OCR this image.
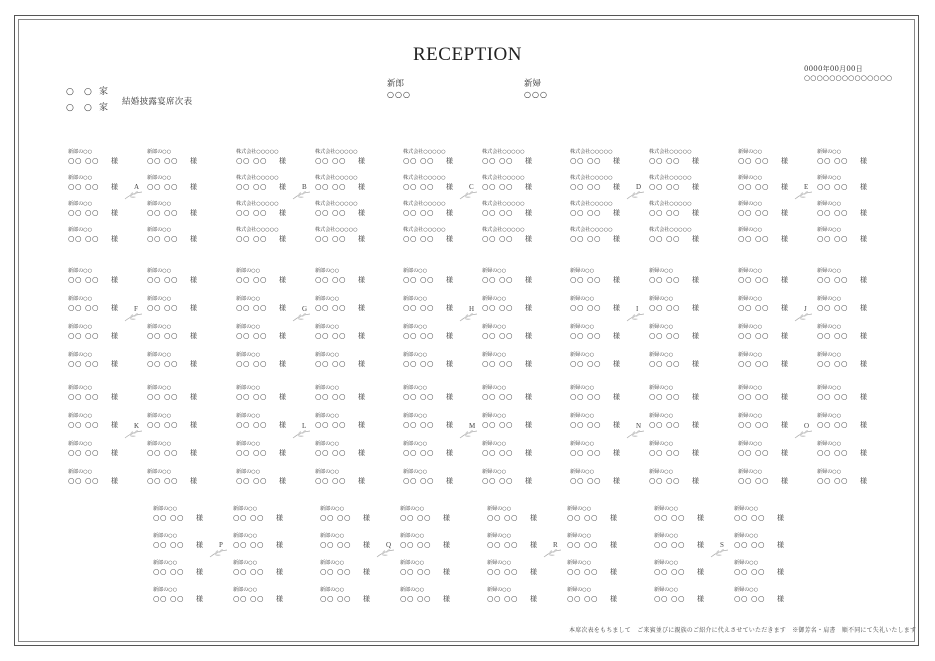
RECEPTION
○ ○ 家
○ ○ 家
結婚披露宴席次表
新郎
○○○
新婦
○○○
0000年00月00日
○○○○○○○○○○○○○○
新郎の○○
○○ ○○ 様
新郎の○○
○○ ○○ 様
新郎の○○
○○ ○○ 様
新郎の○○
○○ ○○ 様
新郎の○○
○○ ○○ 様
新郎の○○
○○ ○○ 様
新郎の○○
○○ ○○ 様
新郎の○○
○○ ○○ 様
A
株式会社○○○○○
○○ ○○ 様
株式会社○○○○○
○○ ○○ 様
株式会社○○○○○
○○ ○○ 様
株式会社○○○○○
○○ ○○ 様
株式会社○○○○○
○○ ○○ 様
株式会社○○○○○
○○ ○○ 様
株式会社○○○○○
○○ ○○ 様
株式会社○○○○○
○○ ○○ 様
B
株式会社○○○○○
○○ ○○ 様
株式会社○○○○○
○○ ○○ 様
株式会社○○○○○
○○ ○○ 様
株式会社○○○○○
○○ ○○ 様
株式会社○○○○○
○○ ○○ 様
株式会社○○○○○
○○ ○○ 様
株式会社○○○○○
○○ ○○ 様
株式会社○○○○○
○○ ○○ 様
C
株式会社○○○○○
○○ ○○ 様
株式会社○○○○○
○○ ○○ 様
株式会社○○○○○
○○ ○○ 様
株式会社○○○○○
○○ ○○ 様
株式会社○○○○○
○○ ○○ 様
株式会社○○○○○
○○ ○○ 様
株式会社○○○○○
○○ ○○ 様
株式会社○○○○○
○○ ○○ 様
D
新婦の○○
○○ ○○ 様
新婦の○○
○○ ○○ 様
新婦の○○
○○ ○○ 様
新婦の○○
○○ ○○ 様
新婦の○○
○○ ○○ 様
新婦の○○
○○ ○○ 様
新婦の○○
○○ ○○ 様
新婦の○○
○○ ○○ 様
E
新郎の○○
○○ ○○ 様
新郎の○○
○○ ○○ 様
新郎の○○
○○ ○○ 様
新郎の○○
○○ ○○ 様
新郎の○○
○○ ○○ 様
新郎の○○
○○ ○○ 様
新郎の○○
○○ ○○ 様
新郎の○○
○○ ○○ 様
F
新郎の○○
○○ ○○ 様
新郎の○○
○○ ○○ 様
新郎の○○
○○ ○○ 様
新郎の○○
○○ ○○ 様
新郎の○○
○○ ○○ 様
新郎の○○
○○ ○○ 様
新郎の○○
○○ ○○ 様
新郎の○○
○○ ○○ 様
G
新郎の○○
○○ ○○ 様
新郎の○○
○○ ○○ 様
新郎の○○
○○ ○○ 様
新郎の○○
○○ ○○ 様
新婦の○○
○○ ○○ 様
新婦の○○
○○ ○○ 様
新婦の○○
○○ ○○ 様
新婦の○○
○○ ○○ 様
H
新婦の○○
○○ ○○ 様
新婦の○○
○○ ○○ 様
新婦の○○
○○ ○○ 様
新婦の○○
○○ ○○ 様
新婦の○○
○○ ○○ 様
新婦の○○
○○ ○○ 様
新婦の○○
○○ ○○ 様
新婦の○○
○○ ○○ 様
I
新婦の○○
○○ ○○ 様
新婦の○○
○○ ○○ 様
新婦の○○
○○ ○○ 様
新婦の○○
○○ ○○ 様
新婦の○○
○○ ○○ 様
新婦の○○
○○ ○○ 様
新婦の○○
○○ ○○ 様
新婦の○○
○○ ○○ 様
J
新郎の○○
○○ ○○ 様
新郎の○○
○○ ○○ 様
新郎の○○
○○ ○○ 様
新郎の○○
○○ ○○ 様
新郎の○○
○○ ○○ 様
新郎の○○
○○ ○○ 様
新郎の○○
○○ ○○ 様
新郎の○○
○○ ○○ 様
K
新郎の○○
○○ ○○ 様
新郎の○○
○○ ○○ 様
新郎の○○
○○ ○○ 様
新郎の○○
○○ ○○ 様
新郎の○○
○○ ○○ 様
新郎の○○
○○ ○○ 様
新郎の○○
○○ ○○ 様
新郎の○○
○○ ○○ 様
L
新郎の○○
○○ ○○ 様
新郎の○○
○○ ○○ 様
新郎の○○
○○ ○○ 様
新郎の○○
○○ ○○ 様
新婦の○○
○○ ○○ 様
新婦の○○
○○ ○○ 様
新婦の○○
○○ ○○ 様
新婦の○○
○○ ○○ 様
M
新婦の○○
○○ ○○ 様
新婦の○○
○○ ○○ 様
新婦の○○
○○ ○○ 様
新婦の○○
○○ ○○ 様
新婦の○○
○○ ○○ 様
新婦の○○
○○ ○○ 様
新婦の○○
○○ ○○ 様
新婦の○○
○○ ○○ 様
N
新婦の○○
○○ ○○ 様
新婦の○○
○○ ○○ 様
新婦の○○
○○ ○○ 様
新婦の○○
○○ ○○ 様
新婦の○○
○○ ○○ 様
新婦の○○
○○ ○○ 様
新婦の○○
○○ ○○ 様
新婦の○○
○○ ○○ 様
O
新郎の○○
○○ ○○ 様
新郎の○○
○○ ○○ 様
新郎の○○
○○ ○○ 様
新郎の○○
○○ ○○ 様
新郎の○○
○○ ○○ 様
新郎の○○
○○ ○○ 様
新郎の○○
○○ ○○ 様
新郎の○○
○○ ○○ 様
P
新郎の○○
○○ ○○ 様
新郎の○○
○○ ○○ 様
新郎の○○
○○ ○○ 様
新郎の○○
○○ ○○ 様
新郎の○○
○○ ○○ 様
新郎の○○
○○ ○○ 様
新郎の○○
○○ ○○ 様
新郎の○○
○○ ○○ 様
Q
新婦の○○
○○ ○○ 様
新婦の○○
○○ ○○ 様
新婦の○○
○○ ○○ 様
新婦の○○
○○ ○○ 様
新婦の○○
○○ ○○ 様
新婦の○○
○○ ○○ 様
新婦の○○
○○ ○○ 様
新婦の○○
○○ ○○ 様
R
新婦の○○
○○ ○○ 様
新婦の○○
○○ ○○ 様
新婦の○○
○○ ○○ 様
新婦の○○
○○ ○○ 様
新婦の○○
○○ ○○ 様
新婦の○○
○○ ○○ 様
新婦の○○
○○ ○○ 様
新婦の○○
○○ ○○ 様
S
本席次表をもちまして　ご来賓並びに親族のご紹介に代えさせていただきます　※御芳名・肩書　順不同にて失礼いたします
